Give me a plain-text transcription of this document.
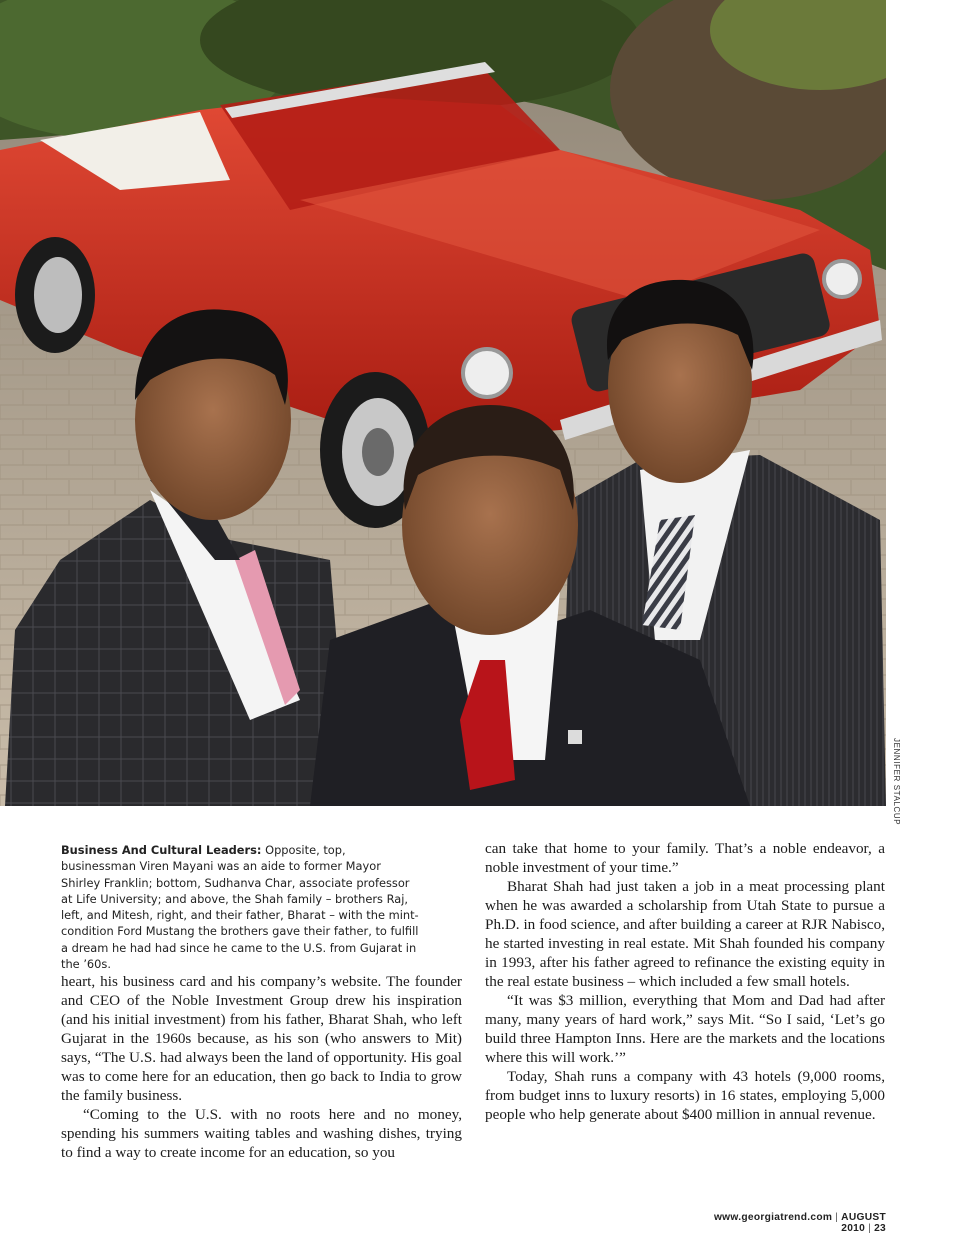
JENNIFER STALCUP
Business And Cultural Leaders: Opposite, top, businessman Viren Mayani was an aide to former Mayor Shirley Franklin; bottom, Sudhanva Char, associate professor at Life University; and above, the Shah family – brothers Raj, left, and Mitesh, right, and their father, Bharat – with the mint-condition Ford Mustang the brothers gave their father, to fulfill a dream he had had since he came to the U.S. from Gujarat in the ’60s.

heart, his business card and his company’s website. The founder and CEO of the Noble Investment Group drew his inspiration (and his initial investment) from his father, Bharat Shah, who left Gujarat in the 1960s because, as his son (who answers to Mit) says, “The U.S. had always been the land of opportunity. His goal was to come here for an education, then go back to India to grow the family business.

“Coming to the U.S. with no roots here and no money, spending his summers waiting tables and washing dishes, trying to find a way to create income for an education, so you

can take that home to your family. That’s a noble endeavor, a noble investment of your time.”

Bharat Shah had just taken a job in a meat processing plant when he was awarded a scholarship from Utah State to pursue a Ph.D. in food science, and after building a career at RJR Nabisco, he started investing in real estate. Mit Shah founded his company in 1993, after his father agreed to refinance the existing equity in the real estate business – which included a few small hotels.

“It was $3 million, everything that Mom and Dad had after many, many years of hard work,” says Mit. “So I said, ‘Let’s go build three Hampton Inns. Here are the markets and the locations where this will work.’”

Today, Shah runs a company with 43 hotels (9,000 rooms, from budget inns to luxury resorts) in 16 states, employing 5,000 people who help generate about $400 million in annual revenue.

www.georgiatrend.com | AUGUST 2010 | 23
